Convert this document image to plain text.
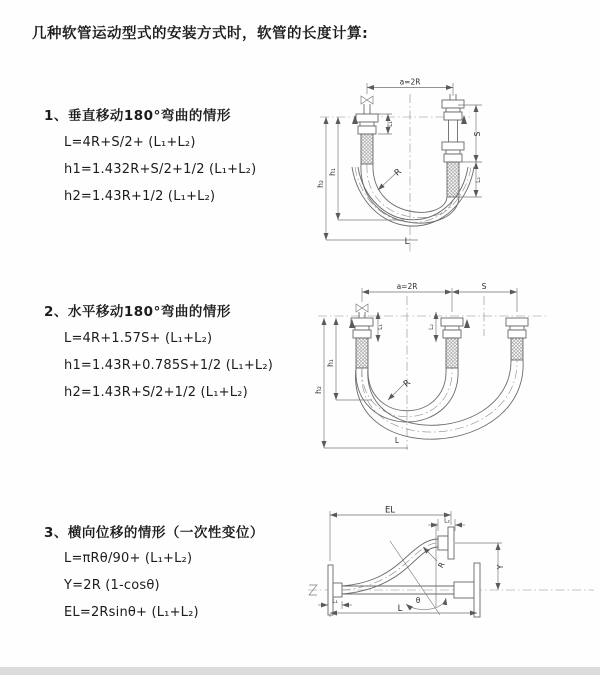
几种软管运动型式的安装方式时，软管的长度计算:
1、垂直移动180°弯曲的情形
L=4R+S/2+ (L₁+L₂)
h1=1.432R+S/2+1/2 (L₁+L₂)
h2=1.43R+1/2 (L₁+L₂)
a=2R
h₁
h₂
S
L₂
L₁
R
L
2、水平移动180°弯曲的情形
L=4R+1.57S+ (L₁+L₂)
h1=1.43R+0.785S+1/2 (L₁+L₂)
h2=1.43R+S/2+1/2 (L₁+L₂)
a=2R	S
h₁
h₂
L₁	L₂
R
L
3、横向位移的情形（一次性变位）
L=πRθ/90+ (L₁+L₂)
Y=2R (1-cosθ)
EL=2Rsinθ+ (L₁+L₂)
θ
R
EL
L₂
Y
L
L₁
